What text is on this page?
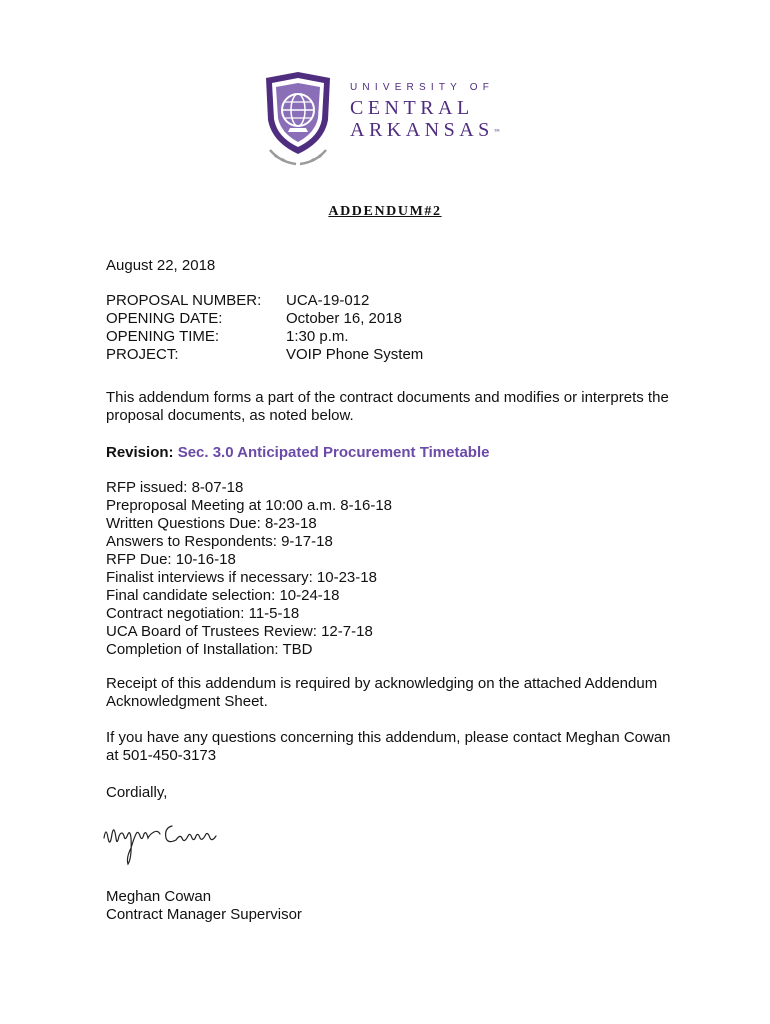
UNIVERSITY OF
CENTRAL
ARKANSAS™
ADDENDUM#2
August 22, 2018
PROPOSAL NUMBER:	UCA-19-012
OPENING DATE:	October 16, 2018
OPENING TIME:	1:30 p.m.
PROJECT:	VOIP Phone System

This addendum forms a part of the contract documents and modifies or interprets the proposal documents, as noted below.

Revision: Sec. 3.0 Anticipated Procurement Timetable
RFP issued: 8-07-18
Preproposal Meeting at 10:00 a.m. 8-16-18
Written Questions Due: 8-23-18
Answers to Respondents: 9-17-18
RFP Due: 10-16-18
Finalist interviews if necessary: 10-23-18
Final candidate selection: 10-24-18
Contract negotiation: 11-5-18
UCA Board of Trustees Review: 12-7-18
Completion of Installation: TBD

Receipt of this addendum is required by acknowledging on the attached Addendum Acknowledgment Sheet.

If you have any questions concerning this addendum, please contact Meghan Cowan at 501-450-3173

Cordially,

Meghan Cowan
Contract Manager Supervisor
